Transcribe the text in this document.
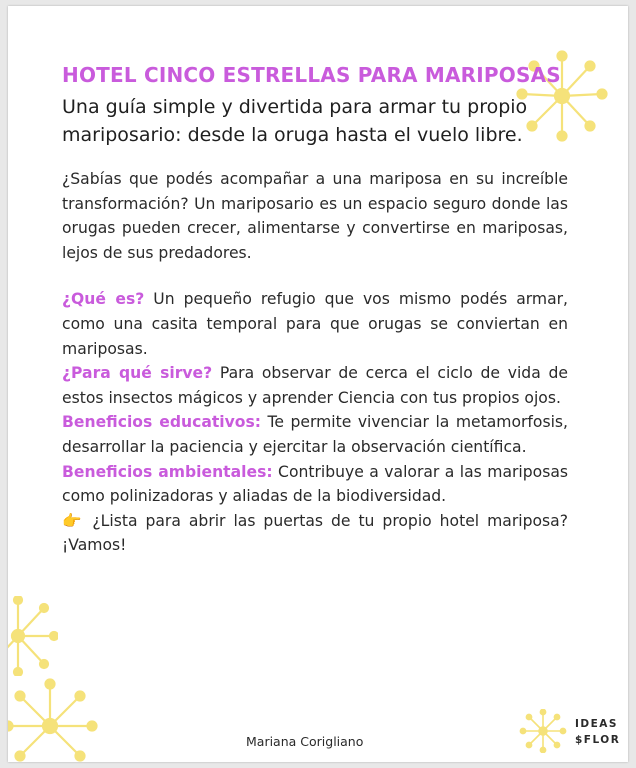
HOTEL CINCO ESTRELLAS PARA MARIPOSAS

Una guía simple y divertida para armar tu propio mariposario: desde la oruga hasta el vuelo libre.

¿Sabías que podés acompañar a una mariposa en su increíble transformación? Un mariposario es un espacio seguro donde las orugas pueden crecer, alimentarse y convertirse en mariposas, lejos de sus predadores.

¿Qué es? Un pequeño refugio que vos mismo podés armar, como una casita temporal para que orugas se conviertan en mariposas.

¿Para qué sirve? Para observar de cerca el ciclo de vida de estos insectos mágicos y aprender Ciencia con tus propios ojos.

Beneficios educativos: Te permite vivenciar la metamorfosis, desarrollar la paciencia y ejercitar la observación científica.

Beneficios ambientales: Contribuye a valorar a las mariposas como polinizadoras y aliadas de la biodiversidad.

👉 ¿Lista para abrir las puertas de tu propio hotel mariposa? ¡Vamos!

Mariana Corigliano
IDEAS
$FLOR
